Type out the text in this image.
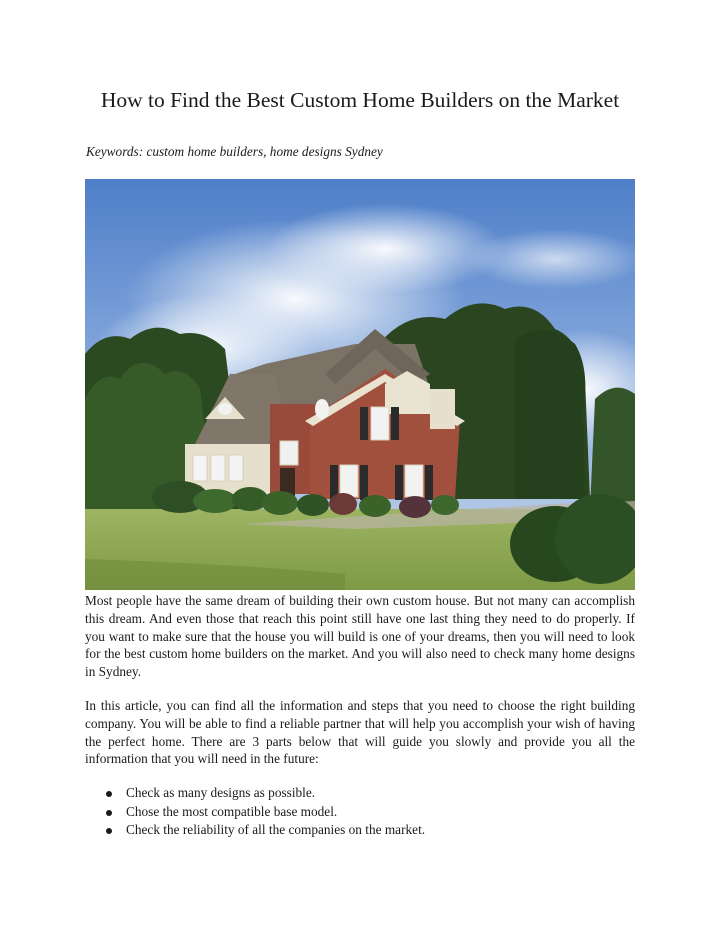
How to Find the Best Custom Home Builders on the Market

Keywords: custom home builders, home designs Sydney

Most people have the same dream of building their own custom house. But not many can accomplish this dream. And even those that reach this point still have one last thing they need to do properly. If you want to make sure that the house you will build is one of your dreams, then you will need to look for the best custom home builders on the market. And you will also need to check many home designs in Sydney.

In this article, you can find all the information and steps that you need to choose the right building company. You will be able to find a reliable partner that will help you accomplish your wish of having the perfect home. There are 3 parts below that will guide you slowly and provide you all the information that you will need in the future:

Check as many designs as possible.
Chose the most compatible base model.
Check the reliability of all the companies on the market.
